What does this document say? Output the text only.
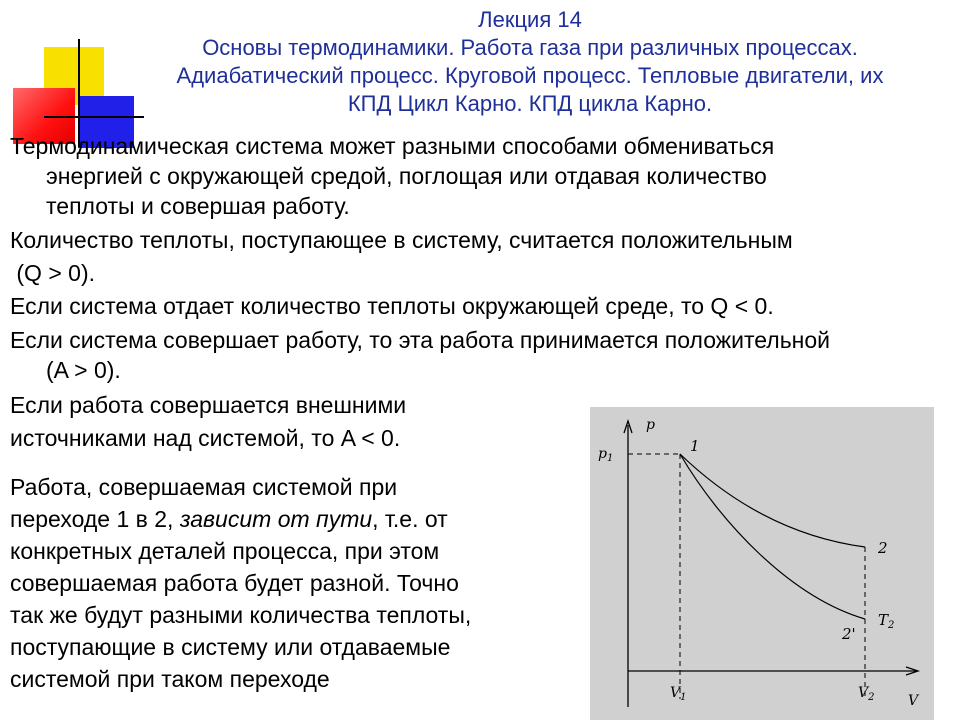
Лекция 14
Основы термодинамики. Работа газа при различных процессах.
Адиабатический процесс. Круговой процесс. Тепловые двигатели, их
КПД Цикл Карно. КПД цикла Карно.
Термодинамическая система может разными способами обмениваться
энергией с окружающей средой, поглощая или отдавая количество
теплоты и совершая работу.
Количество теплоты, поступающее в систему, считается положительным
(Q > 0).
Если система отдает количество теплоты окружающей среде, то Q < 0.
Если система совершает работу, то эта работа принимается положительной
(A > 0).
Если работа совершается внешними
источниками над системой, то A < 0.
Работа, совершаемая системой при
переходе 1 в 2, зависит от пути, т.е. от
конкретных деталей процесса, при этом
совершаемая работа будет разной. Точно
так же будут разными количества теплоты,
поступающие в систему или отдаваемые
системой при таком переходе
p
$p_1$
1
2
$T_2$
2'
$V_1$	$V_2$ V
